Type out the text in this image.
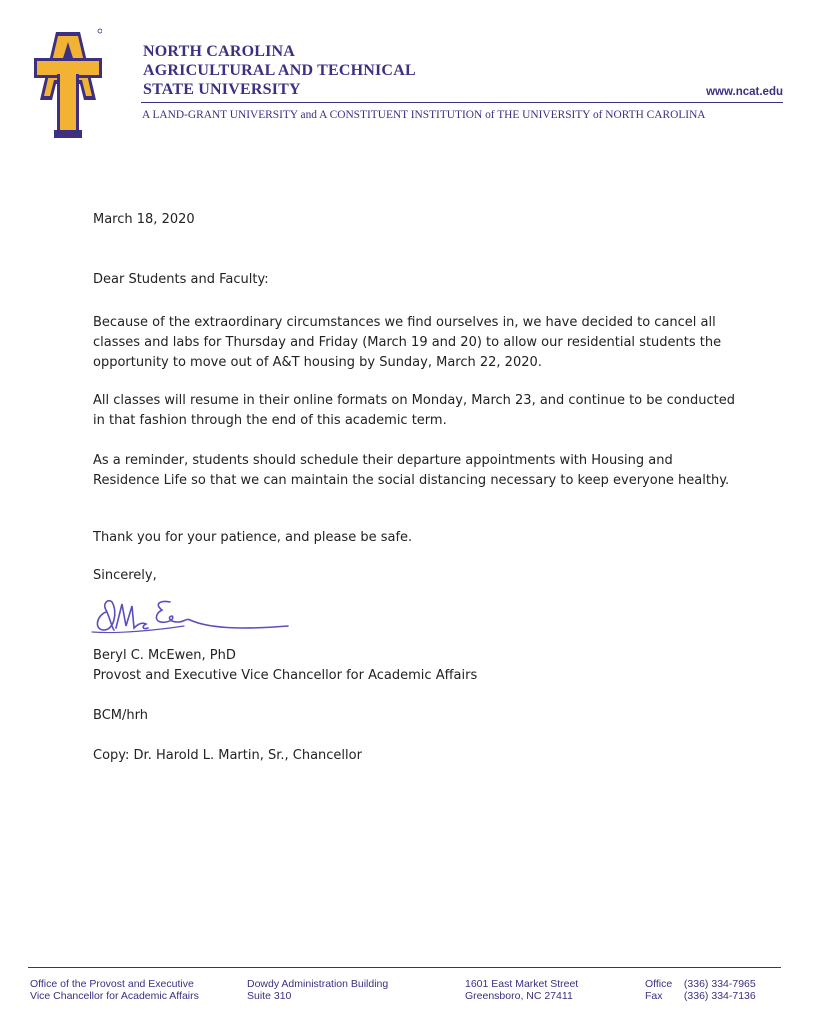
NORTH CAROLINA
AGRICULTURAL AND TECHNICAL
STATE UNIVERSITY	www.ncat.edu
A LAND-GRANT UNIVERSITY and A CONSTITUENT INSTITUTION of THE UNIVERSITY of NORTH CAROLINA
March 18, 2020
Dear Students and Faculty:
Because of the extraordinary circumstances we find ourselves in, we have decided to cancel all classes and labs for Thursday and Friday (March 19 and 20) to allow our residential students the opportunity to move out of A&T housing by Sunday, March 22, 2020.
All classes will resume in their online formats on Monday, March 23, and continue to be conducted in that fashion through the end of this academic term.
As a reminder, students should schedule their departure appointments with Housing and Residence Life so that we can maintain the social distancing necessary to keep everyone healthy.
Thank you for your patience, and please be safe.
Sincerely,
Beryl C. McEwen, PhD
Provost and Executive Vice Chancellor for Academic Affairs
BCM/hrh
Copy: Dr. Harold L. Martin, Sr., Chancellor
Office of the Provost and Executive
Vice Chancellor for Academic Affairs
Dowdy Administration Building
Suite 310
1601 East Market Street
Greensboro, NC 27411
Office (336) 334-7965
Fax (336) 334-7136
